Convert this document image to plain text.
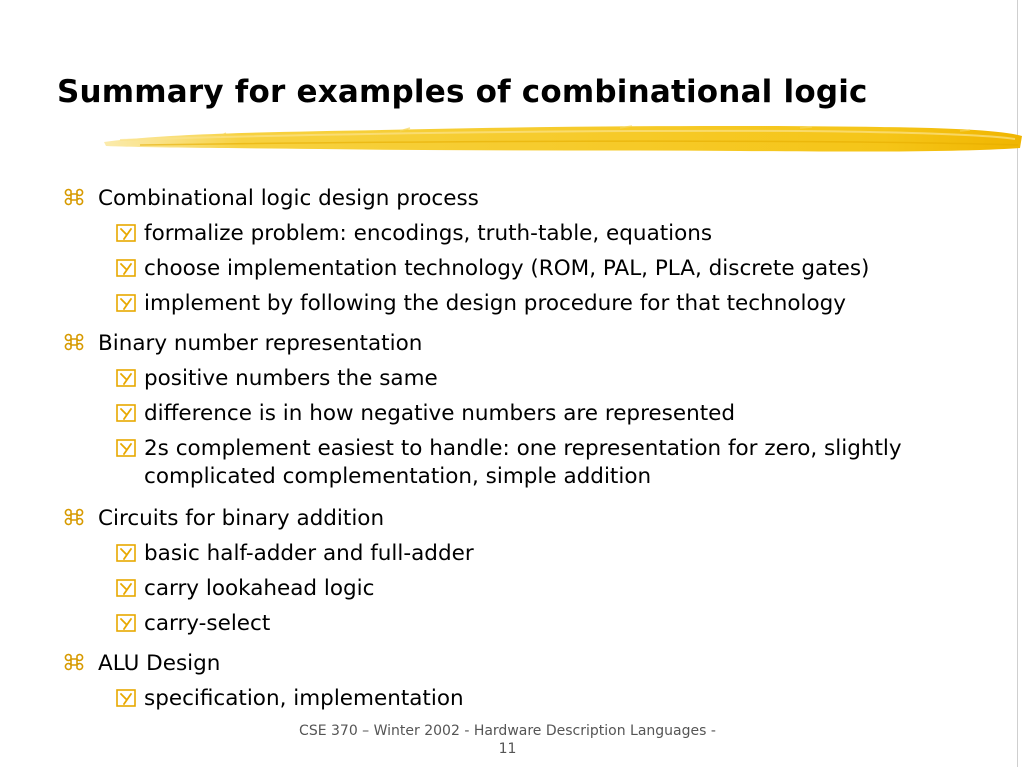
Summary for examples of combinational logic
Combinational logic design process
formalize problem: encodings, truth-table, equations
choose implementation technology (ROM, PAL, PLA, discrete gates)
implement by following the design procedure for that technology
Binary number representation
positive numbers the same
difference is in how negative numbers are represented
2s complement easiest to handle: one representation for zero, slightly
complicated complementation, simple addition
Circuits for binary addition
basic half-adder and full-adder
carry lookahead logic
carry-select
ALU Design
specification, implementation
CSE 370 – Winter 2002 - Hardware Description Languages -
11
